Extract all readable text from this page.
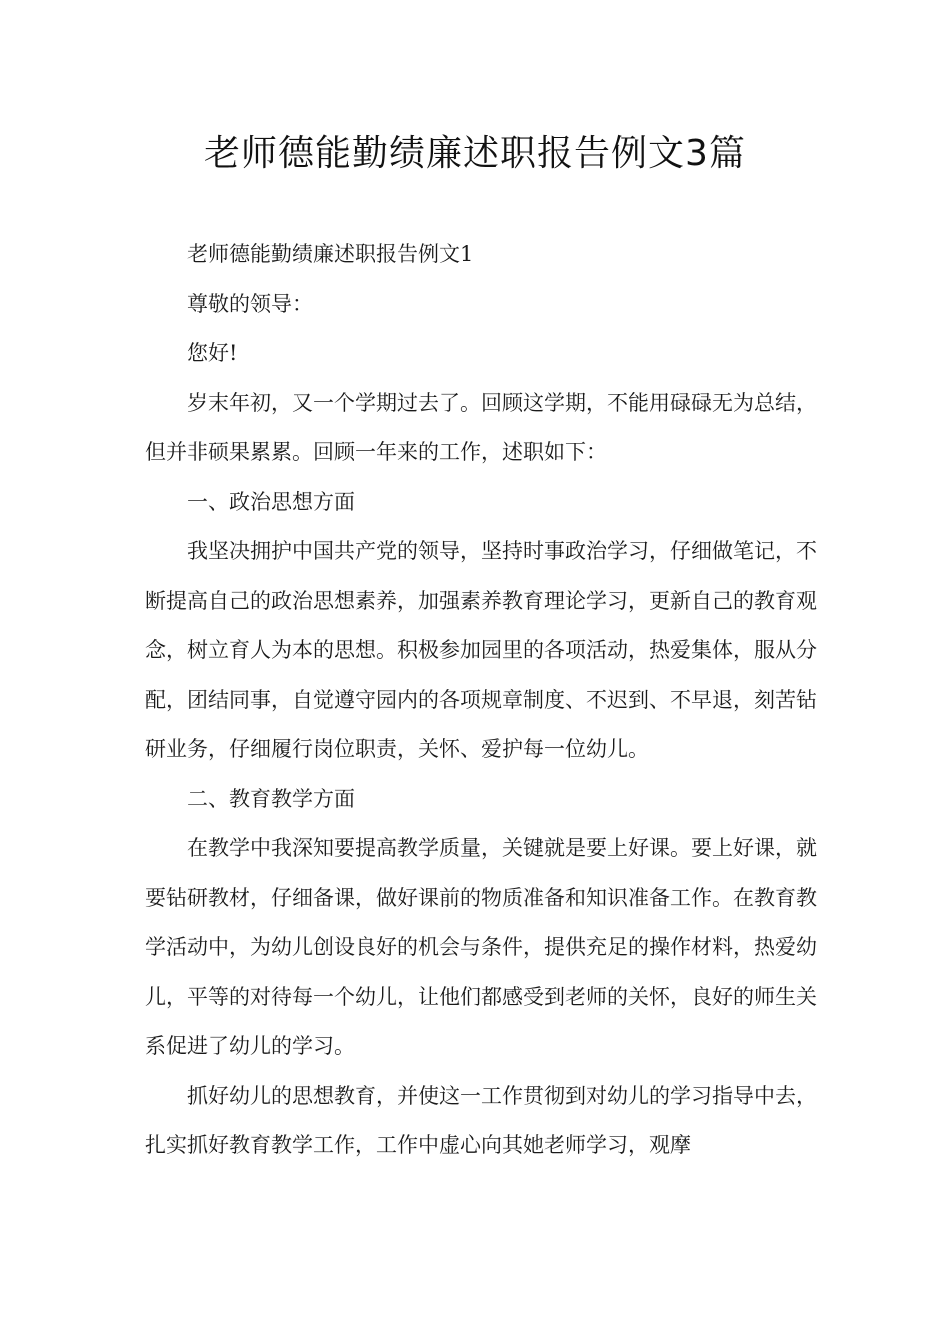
老师德能勤绩廉述职报告例文3篇

老师德能勤绩廉述职报告例文1

尊敬的领导：

您好!

岁末年初，又一个学期过去了。回顾这学期，不能用碌碌无为总结，但并非硕果累累。回顾一年来的工作，述职如下：

一、政治思想方面

我坚决拥护中国共产党的领导，坚持时事政治学习，仔细做笔记，不断提高自己的政治思想素养，加强素养教育理论学习，更新自己的教育观念，树立育人为本的思想。积极参加园里的各项活动，热爱集体，服从分配，团结同事，自觉遵守园内的各项规章制度、不迟到、不早退，刻苦钻研业务，仔细履行岗位职责，关怀、爱护每一位幼儿。

二、教育教学方面

在教学中我深知要提高教学质量，关键就是要上好课。要上好课，就要钻研教材，仔细备课，做好课前的物质准备和知识准备工作。在教育教学活动中，为幼儿创设良好的机会与条件，提供充足的操作材料，热爱幼儿，平等的对待每一个幼儿，让他们都感受到老师的关怀，良好的师生关系促进了幼儿的学习。

抓好幼儿的思想教育，并使这一工作贯彻到对幼儿的学习指导中去，扎实抓好教育教学工作，工作中虚心向其她老师学习，观摩
